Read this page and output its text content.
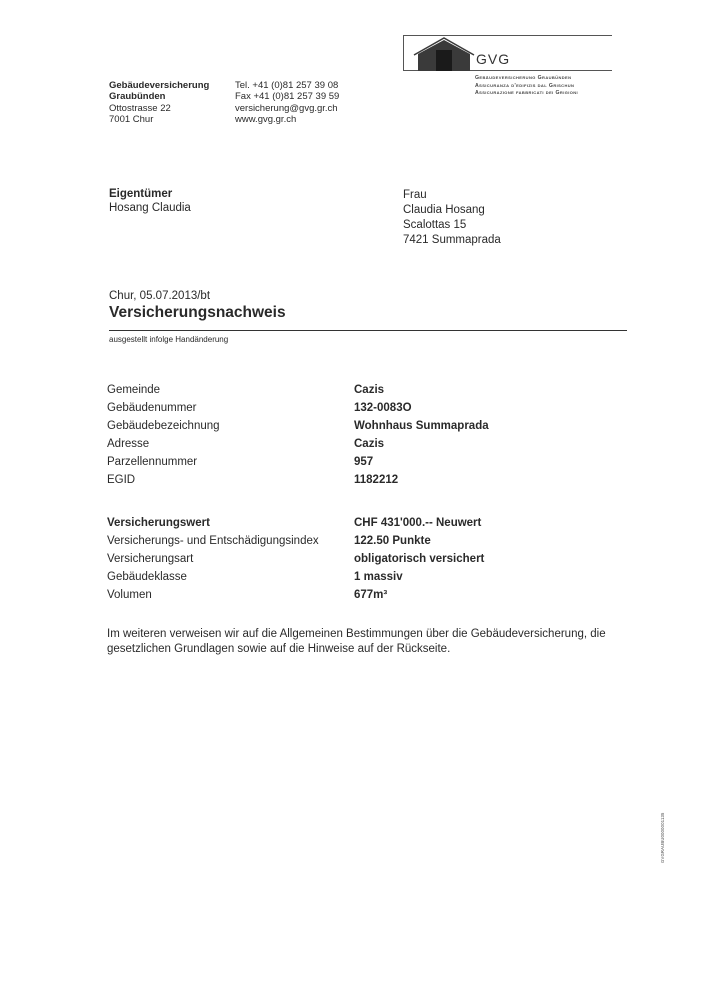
Gebäudeversicherung
Graubünden
Ottostrasse 22
7001 Chur
Tel. +41 (0)81 257 39 08
Fax +41 (0)81 257 39 59
versicherung@gvg.gr.ch
www.gvg.gr.ch
GVG
Gebäudeversicherung Graubünden
Assicuranza d'edifizis dal Grischun
Assicurazione fabbricati dei Grigioni
Eigentümer
Hosang Claudia
Frau
Claudia Hosang
Scalottas 15
7421 Summaprada
Chur, 05.07.2013/bt
Versicherungsnachweis
ausgestellt infolge Handänderung
Gemeinde
Gebäudenummer
Gebäudebezeichnung
Adresse
Parzellennummer
EGID
Cazis
132-0083O
Wohnhaus Summaprada
Cazis
957
1182212
Versicherungswert
Versicherungs- und Entschädigungsindex
Versicherungsart
Gebäudeklasse
Volumen
CHF 431'000.-- Neuwert
122.50 Punkte
obligatorisch versichert
1 massiv
677m³
Im weiteren verweisen wir auf die Allgemeinen Bestimmungen über die Gebäudeversicherung, die gesetzlichen Grundlagen sowie auf die Hinweise auf der Rückseite.
GVGRAUBU0000001135
